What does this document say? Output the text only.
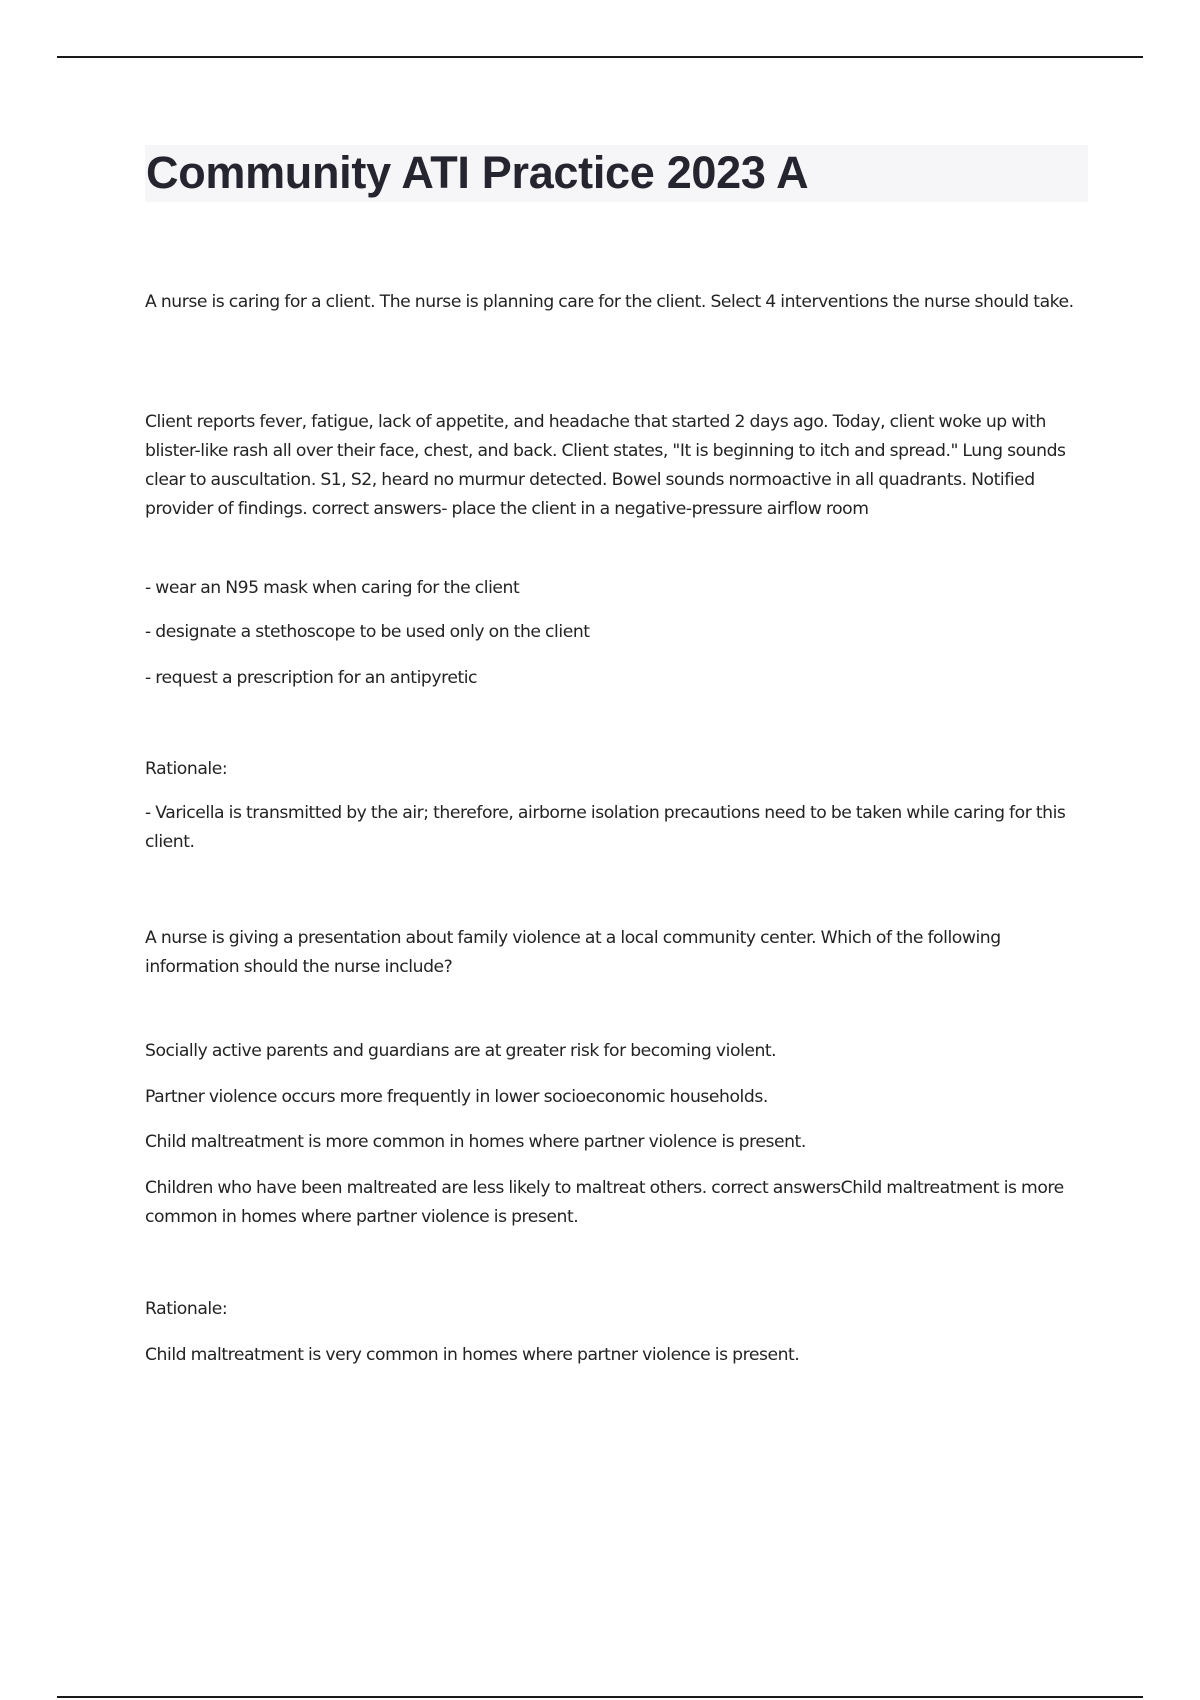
Community ATI Practice 2023 A

A nurse is caring for a client. The nurse is planning care for the client. Select 4 interventions the nurse should take.

Client reports fever, fatigue, lack of appetite, and headache that started 2 days ago. Today, client woke up with blister-like rash all over their face, chest, and back. Client states, "It is beginning to itch and spread." Lung sounds clear to auscultation. S1, S2, heard no murmur detected. Bowel sounds normoactive in all quadrants. Notified provider of findings. correct answers- place the client in a negative-pressure airflow room

- wear an N95 mask when caring for the client

- designate a stethoscope to be used only on the client

- request a prescription for an antipyretic

Rationale:

- Varicella is transmitted by the air; therefore, airborne isolation precautions need to be taken while caring for this client.

A nurse is giving a presentation about family violence at a local community center. Which of the following information should the nurse include?

Socially active parents and guardians are at greater risk for becoming violent.

Partner violence occurs more frequently in lower socioeconomic households.

Child maltreatment is more common in homes where partner violence is present.

Children who have been maltreated are less likely to maltreat others. correct answersChild maltreatment is more common in homes where partner violence is present.

Rationale:

Child maltreatment is very common in homes where partner violence is present.
